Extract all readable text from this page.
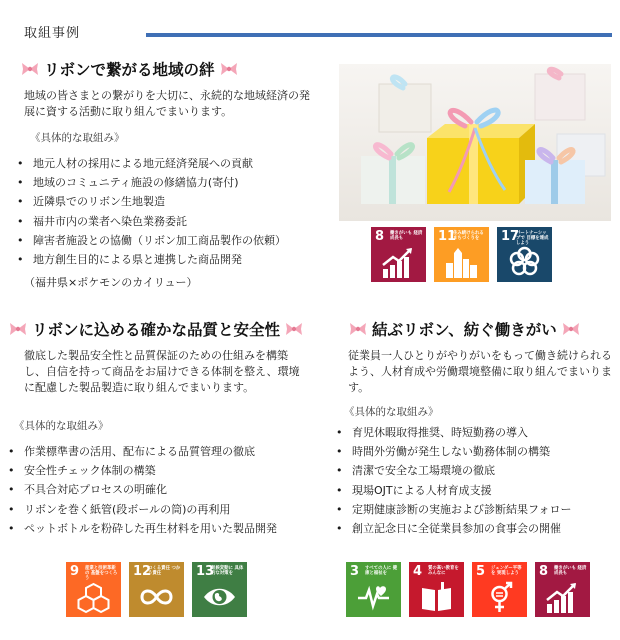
取組事例
リボンで繋がる地域の絆
地域の皆さまとの繋がりを大切に、永続的な地域経済の発展に資する活動に取り組んでまいります。
《具体的な取組み》
• 地元人材の採用による地元経済発展への貢献
• 地域のコミュニティ施設の修繕協力(寄付)
• 近隣県でのリボン生地製造
• 福井市内の業者へ染色業務委託
• 障害者施設との協働（リボン加工商品製作の依頼）
• 地方創生目的による県と連携した商品開発
（福井県×ポケモンのカイリュー）
8 働きがいも 経済成長も	11
住み続けられる まちづくりを	17
パートナーシップで 目標を達成しよう
リボンに込める確かな品質と安全性
徹底した製品安全性と品質保証のための仕組みを構築し、自信を持って商品をお届けできる体制を整え、環境に配慮した製品製造に取り組んでまいります。
《具体的な取組み》
• 作業標準書の活用、配布による品質管理の徹底
• 安全性チェック体制の構築
• 不具合対応プロセスの明確化
• リボンを巻く紙管(段ボールの筒)の再利用
• ペットボトルを粉砕した再生材料を用いた製品開発
9 産業と技術革新の 基盤をつくろう	12
つくる責任 つかう責任	13
気候変動に 具体的な対策を
結ぶリボン、紡ぐ働きがい
従業員一人ひとりがやりがいをもって働き続けられるよう、人材育成や労働環境整備に取り組んでまいります。
《具体的な取組み》
• 育児休暇取得推奨、時短勤務の導入
• 時間外労働が発生しない勤務体制の構築
• 清潔で安全な工場環境の徹底
• 現場OJTによる人材育成支援
• 定期健康診断の実施および診断結果フォロー
• 創立記念日に全従業員参加の食事会の開催
3 すべての人に 健康と福祉を	4 質の高い教育を みんなに	5 ジェンダー平等を 実現しよう	8 働きがいも 経済成長も
